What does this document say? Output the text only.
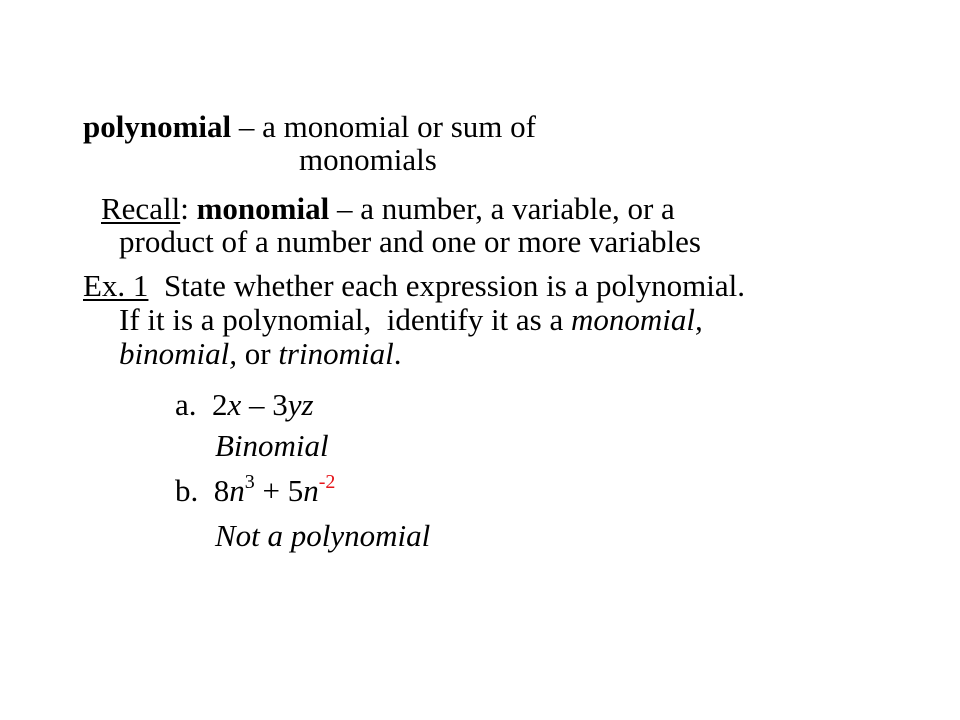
polynomial – a monomial or sum of
monomials
Recall: monomial – a number, a variable, or a
product of a number and one or more variables
Ex. 1  State whether each expression is a polynomial.
If it is a polynomial,  identify it as a monomial,
binomial, or trinomial.
a.  2x – 3yz
Binomial
b.  $8n^3 + 5n^{-2}$
Not a polynomial
